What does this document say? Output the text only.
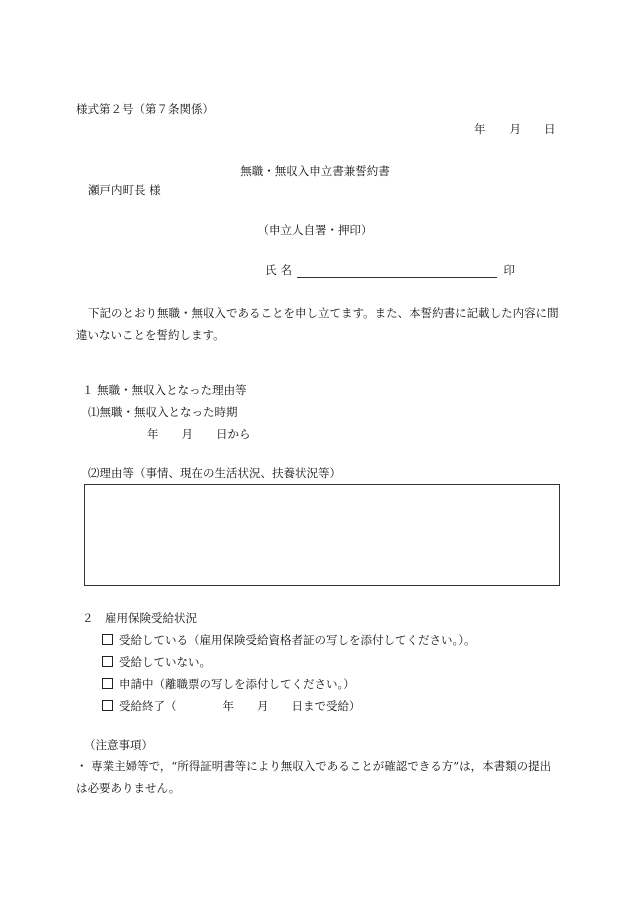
様式第２号（第７条関係）
年 月 日
無職・無収入申立書兼誓約書
瀬戸内町長 様
（申立人自署・押印）
氏名	印
下記のとおり無職・無収入であることを申し立てます。また、本誓約書に記載した内容に間違いないことを誓約します。
１ 無職・無収入となった理由等
⑴無職・無収入となった時期
年　　月　　日から
⑵理由等（事情、現在の生活状況、扶養状況等）
２　雇用保険受給状況
受給している（雇用保険受給資格者証の写しを添付してください。）。
受給していない。
申請中（離職票の写しを添付してください。）
受給終了（　　　　年　　月　　日まで受給）
（注意事項）
・ 専業主婦等で，“所得証明書等により無収入であることが確認できる方”は，本書類の提出は必要ありません。
